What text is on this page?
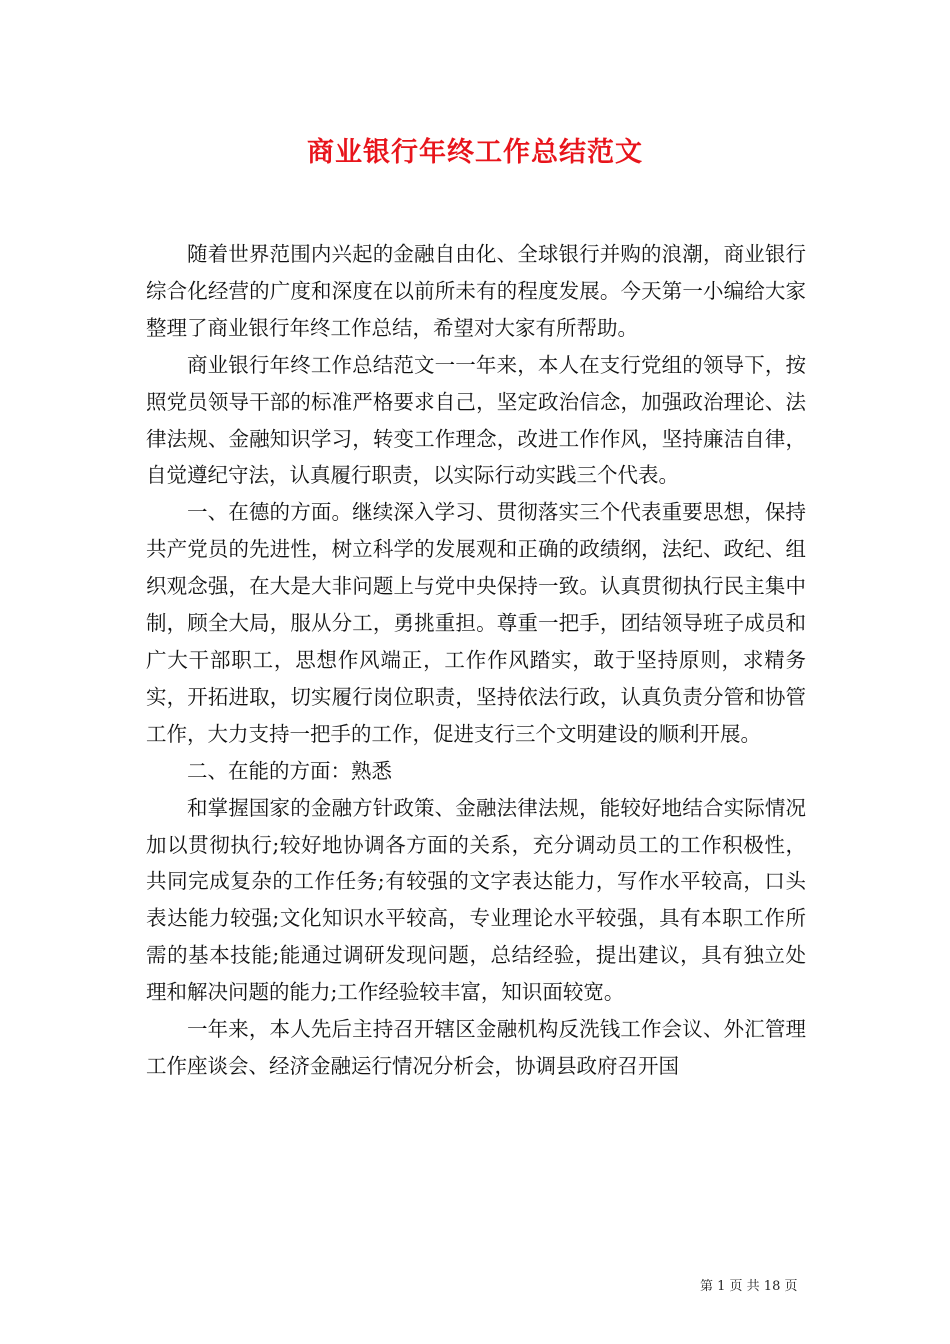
商业银行年终工作总结范文

随着世界范围内兴起的金融自由化、全球银行并购的浪潮，商业银行综合化经营的广度和深度在以前所未有的程度发展。今天第一小编给大家整理了商业银行年终工作总结，希望对大家有所帮助。

商业银行年终工作总结范文一一年来，本人在支行党组的领导下，按照党员领导干部的标准严格要求自己，坚定政治信念，加强政治理论、法律法规、金融知识学习，转变工作理念，改进工作作风，坚持廉洁自律，自觉遵纪守法，认真履行职责，以实际行动实践三个代表。

一、在德的方面。继续深入学习、贯彻落实三个代表重要思想，保持共产党员的先进性，树立科学的发展观和正确的政绩纲，法纪、政纪、组织观念强，在大是大非问题上与党中央保持一致。认真贯彻执行民主集中制，顾全大局，服从分工，勇挑重担。尊重一把手，团结领导班子成员和广大干部职工，思想作风端正，工作作风踏实，敢于坚持原则，求精务实，开拓进取，切实履行岗位职责，坚持依法行政，认真负责分管和协管工作，大力支持一把手的工作，促进支行三个文明建设的顺利开展。

二、在能的方面：熟悉

和掌握国家的金融方针政策、金融法律法规，能较好地结合实际情况加以贯彻执行;较好地协调各方面的关系，充分调动员工的工作积极性，共同完成复杂的工作任务;有较强的文字表达能力，写作水平较高，口头表达能力较强;文化知识水平较高，专业理论水平较强，具有本职工作所需的基本技能;能通过调研发现问题，总结经验，提出建议，具有独立处理和解决问题的能力;工作经验较丰富，知识面较宽。

一年来，本人先后主持召开辖区金融机构反洗钱工作会议、外汇管理工作座谈会、经济金融运行情况分析会，协调县政府召开国

第 1 页 共 18 页
